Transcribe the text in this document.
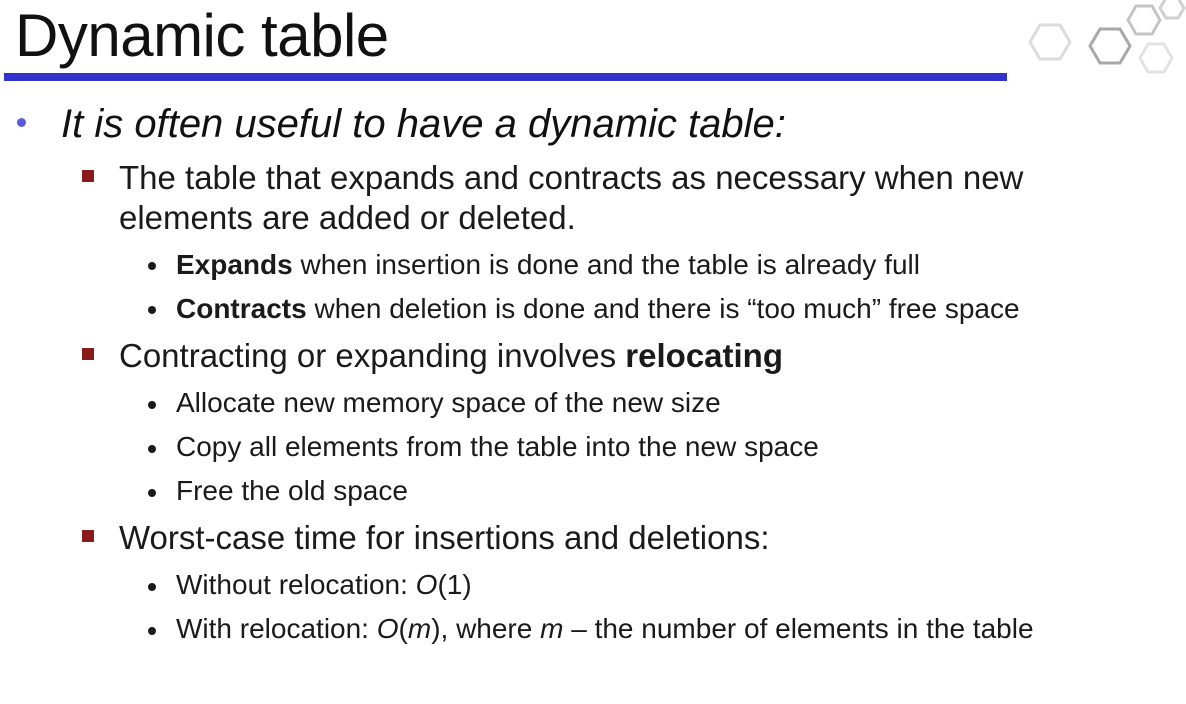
Dynamic table
It is often useful to have a dynamic table:
The table that expands and contracts as necessary when new
elements are added or deleted.
Expands when insertion is done and the table is already full
Contracts when deletion is done and there is “too much” free space
Contracting or expanding involves relocating
Allocate new memory space of the new size
Copy all elements from the table into the new space
Free the old space
Worst-case time for insertions and deletions:
Without relocation: O(1)
With relocation: O(m), where m – the number of elements in the table
